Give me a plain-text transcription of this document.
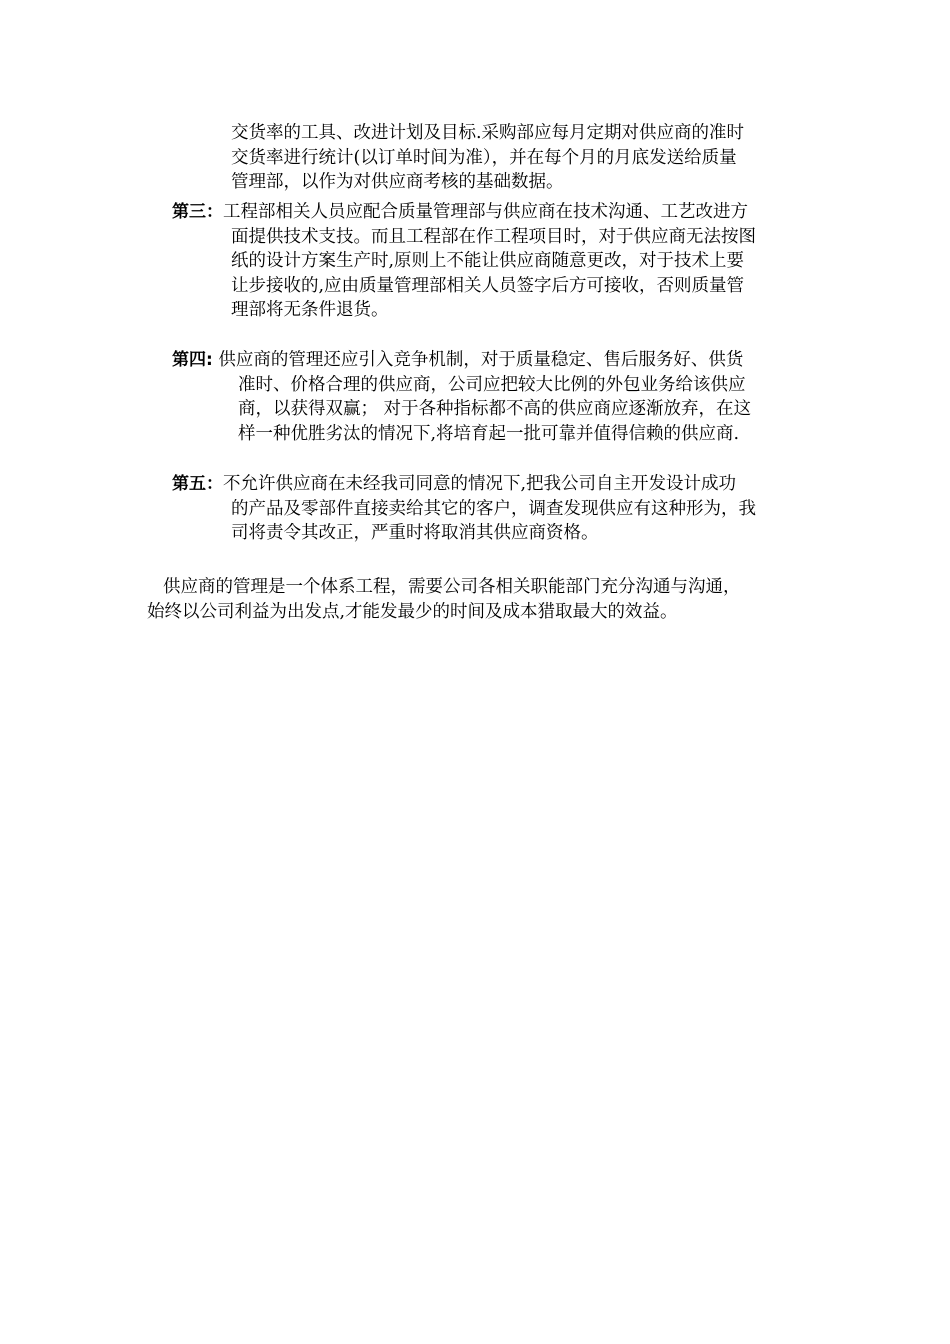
交货率的工具、改进计划及目标.采购部应每月定期对供应商的准时
交货率进行统计(以订单时间为准），并在每个月的月底发送给质量
管理部，以作为对供应商考核的基础数据。
第三：工程部相关人员应配合质量管理部与供应商在技术沟通、工艺改进方
面提供技术支技。而且工程部在作工程项目时，对于供应商无法按图
纸的设计方案生产时,原则上不能让供应商随意更改，对于技术上要
让步接收的,应由质量管理部相关人员签字后方可接收，否则质量管
理部将无条件退货。
第四: 供应商的管理还应引入竞争机制，对于质量稳定、售后服务好、供货
准时、价格合理的供应商，公司应把较大比例的外包业务给该供应
商，以获得双赢； 对于各种指标都不高的供应商应逐渐放弃，在这
样一种优胜劣汰的情况下,将培育起一批可靠并值得信赖的供应商.
第五：不允许供应商在未经我司同意的情况下,把我公司自主开发设计成功
的产品及零部件直接卖给其它的客户，调查发现供应有这种形为，我
司将责令其改正，严重时将取消其供应商资格。
供应商的管理是一个体系工程，需要公司各相关职能部门充分沟通与沟通，
始终以公司利益为出发点,才能发最少的时间及成本猎取最大的效益。
